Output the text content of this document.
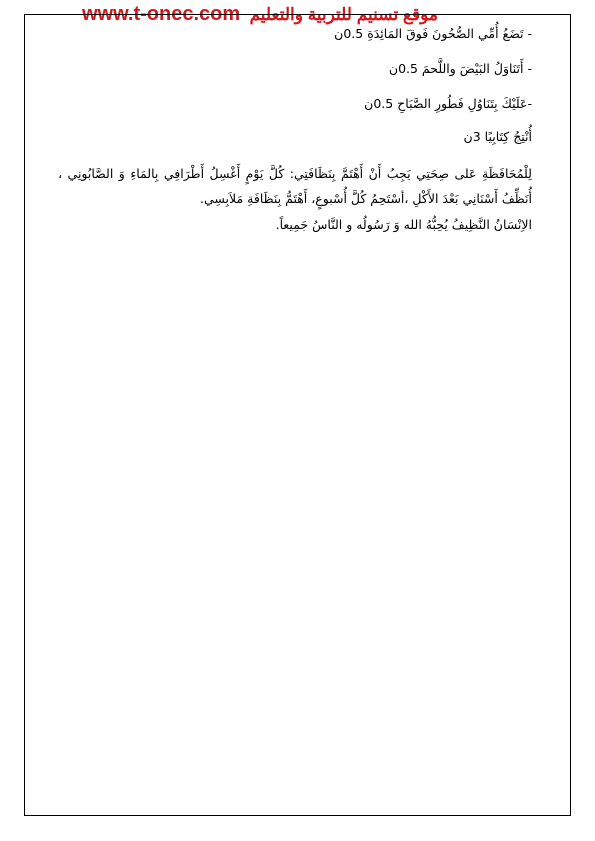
www.t-onec.com موقع تسنيم للتربية والتعليم

- تَضَعُ أُمِّي الصُّحُونَ فَوقَ المَائِدَةِ 0.5ن

- أَتَنَاوَلُ البَيْضَ واللَّحمَ 0.5ن

-عَلَيْكَ بِتَنَاوُلِ فَطُورِ الصَّبَاحِ 0.5ن

أُنْتِجُ كِتَابِيًا 3ن

لِلْمُحَافَظَةِ عَلى صِحَتِي يَجِبُ أَنْ أَهْتَمَّ بِنَظَافَتِي: كُلَّ يَوْمٍ أَغْسِلُ أَطْرَافِي بِالمَاءِ وَ الصَّابُونِي ، أُنَظِّفُ أَسْنَانِي بَعْدَ الأَكْلِ ،أسْتَحِمُ كُلَّ أُسْبوعٍ، أَهْتَمُّ بِنَظَافَةِ مَلاَبِسِي.

الاِنْسَانُ النَّظِيفُ يُحِبُّهُ الله وَ رَسُولُه و النَّاسُ جَمِيعاً.
